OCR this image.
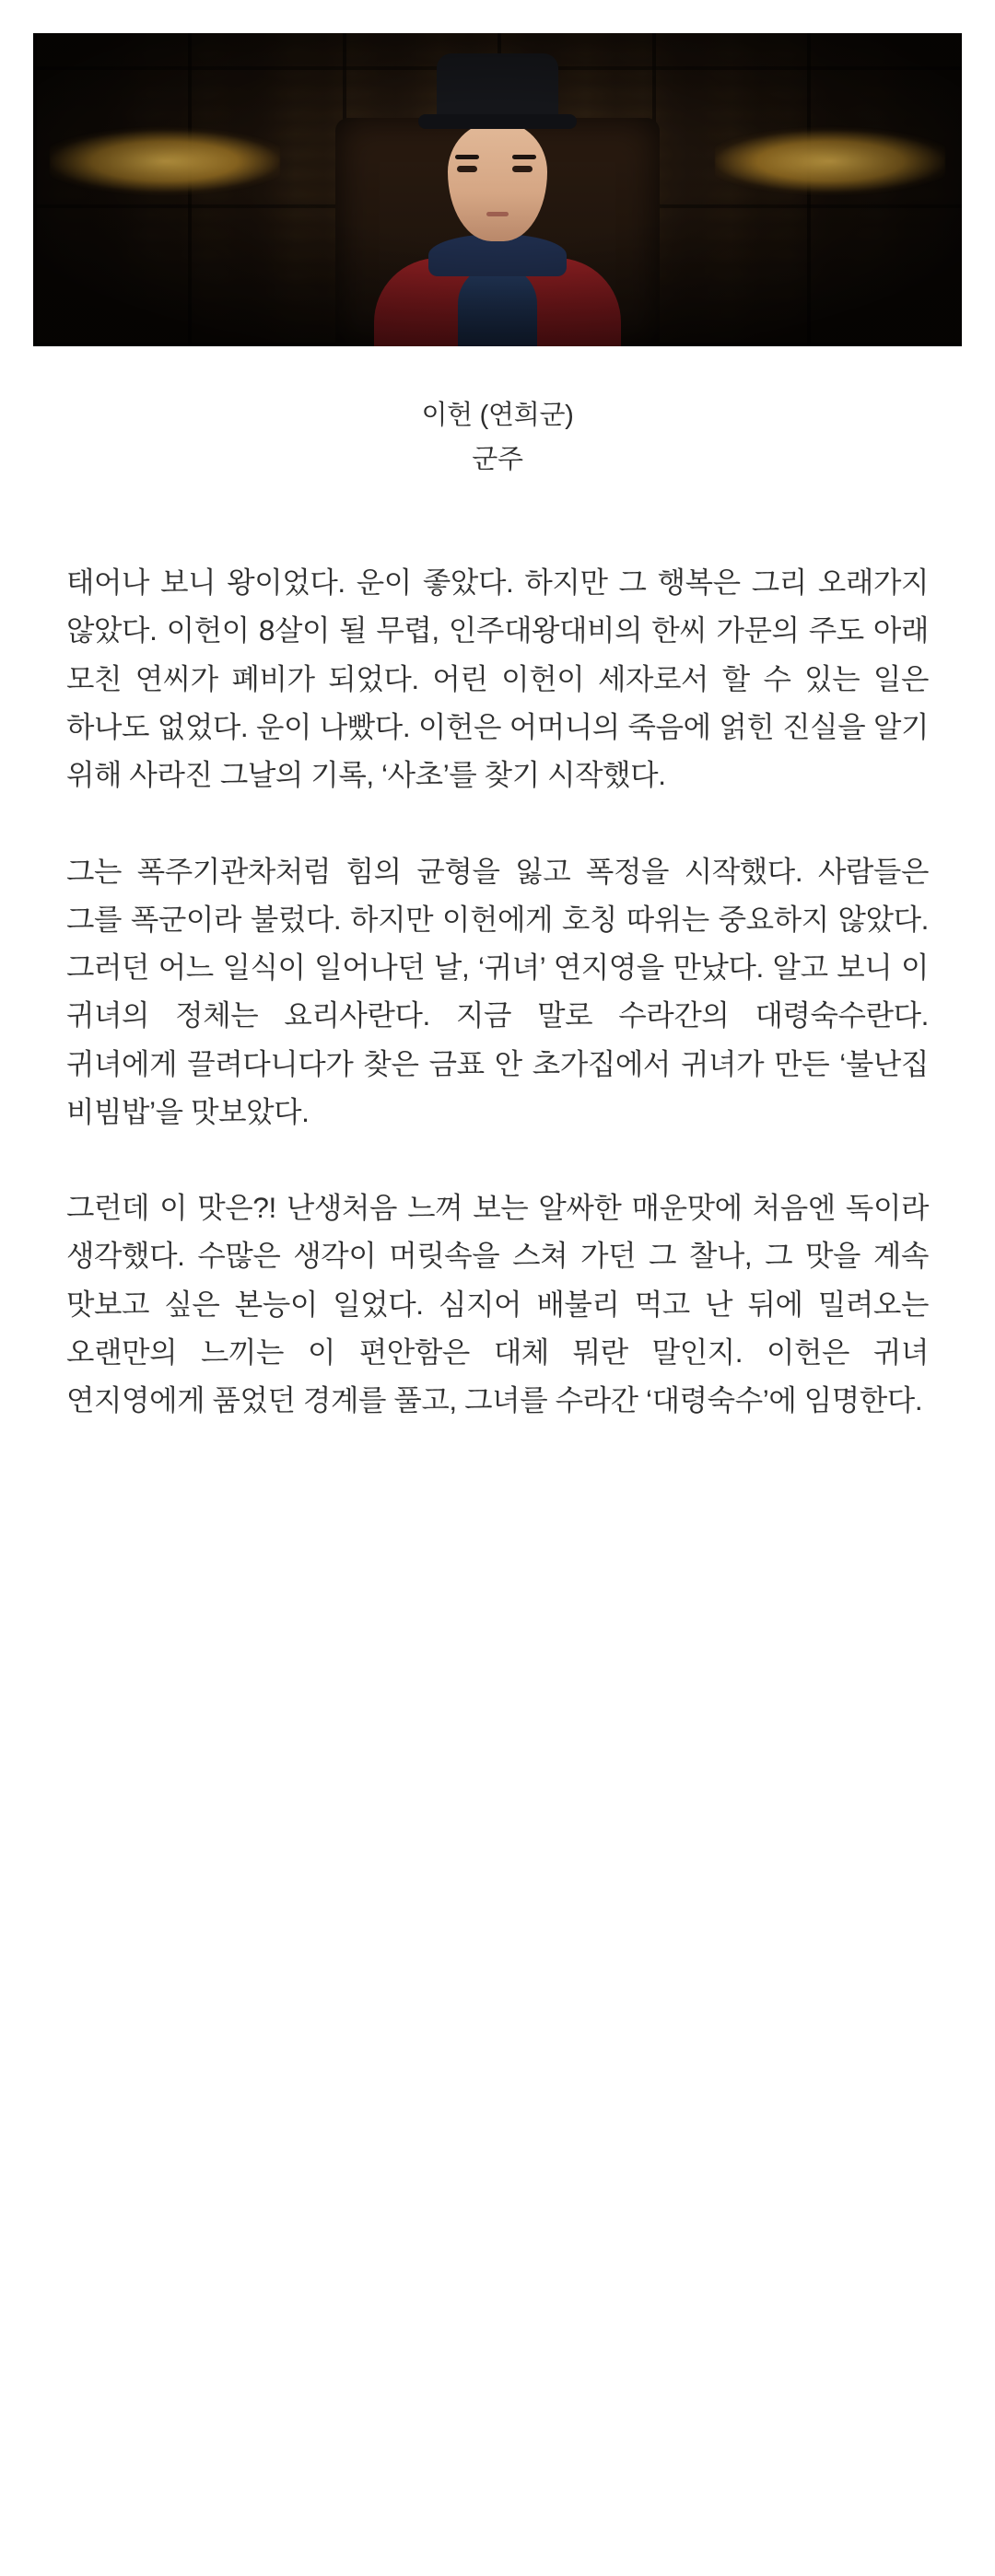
이헌 (연희군)
군주

태어나 보니 왕이었다. 운이 좋았다. 하지만 그 행복은 그리 오래가지 않았다. 이헌이 8살이 될 무렵, 인주대왕대비의 한씨 가문의 주도 아래 모친 연씨가 폐비가 되었다. 어린 이헌이 세자로서 할 수 있는 일은 하나도 없었다. 운이 나빴다. 이헌은 어머니의 죽음에 얽힌 진실을 알기 위해 사라진 그날의 기록, ‘사초’를 찾기 시작했다.

그는 폭주기관차처럼 힘의 균형을 잃고 폭정을 시작했다. 사람들은 그를 폭군이라 불렀다. 하지만 이헌에게 호칭 따위는 중요하지 않았다. 그러던 어느 일식이 일어나던 날, ‘귀녀’ 연지영을 만났다. 알고 보니 이 귀녀의 정체는 요리사란다. 지금 말로 수라간의 대령숙수란다. 귀녀에게 끌려다니다가 찾은 금표 안 초가집에서 귀녀가 만든 ‘불난집 비빔밥’을 맛보았다.

그런데 이 맛은?! 난생처음 느껴 보는 알싸한 매운맛에 처음엔 독이라 생각했다. 수많은 생각이 머릿속을 스쳐 가던 그 찰나, 그 맛을 계속 맛보고 싶은 본능이 일었다. 심지어 배불리 먹고 난 뒤에 밀려오는 오랜만의 느끼는 이 편안함은 대체 뭐란 말인지. 이헌은 귀녀 연지영에게 품었던 경계를 풀고, 그녀를 수라간 ‘대령숙수’에 임명한다.
